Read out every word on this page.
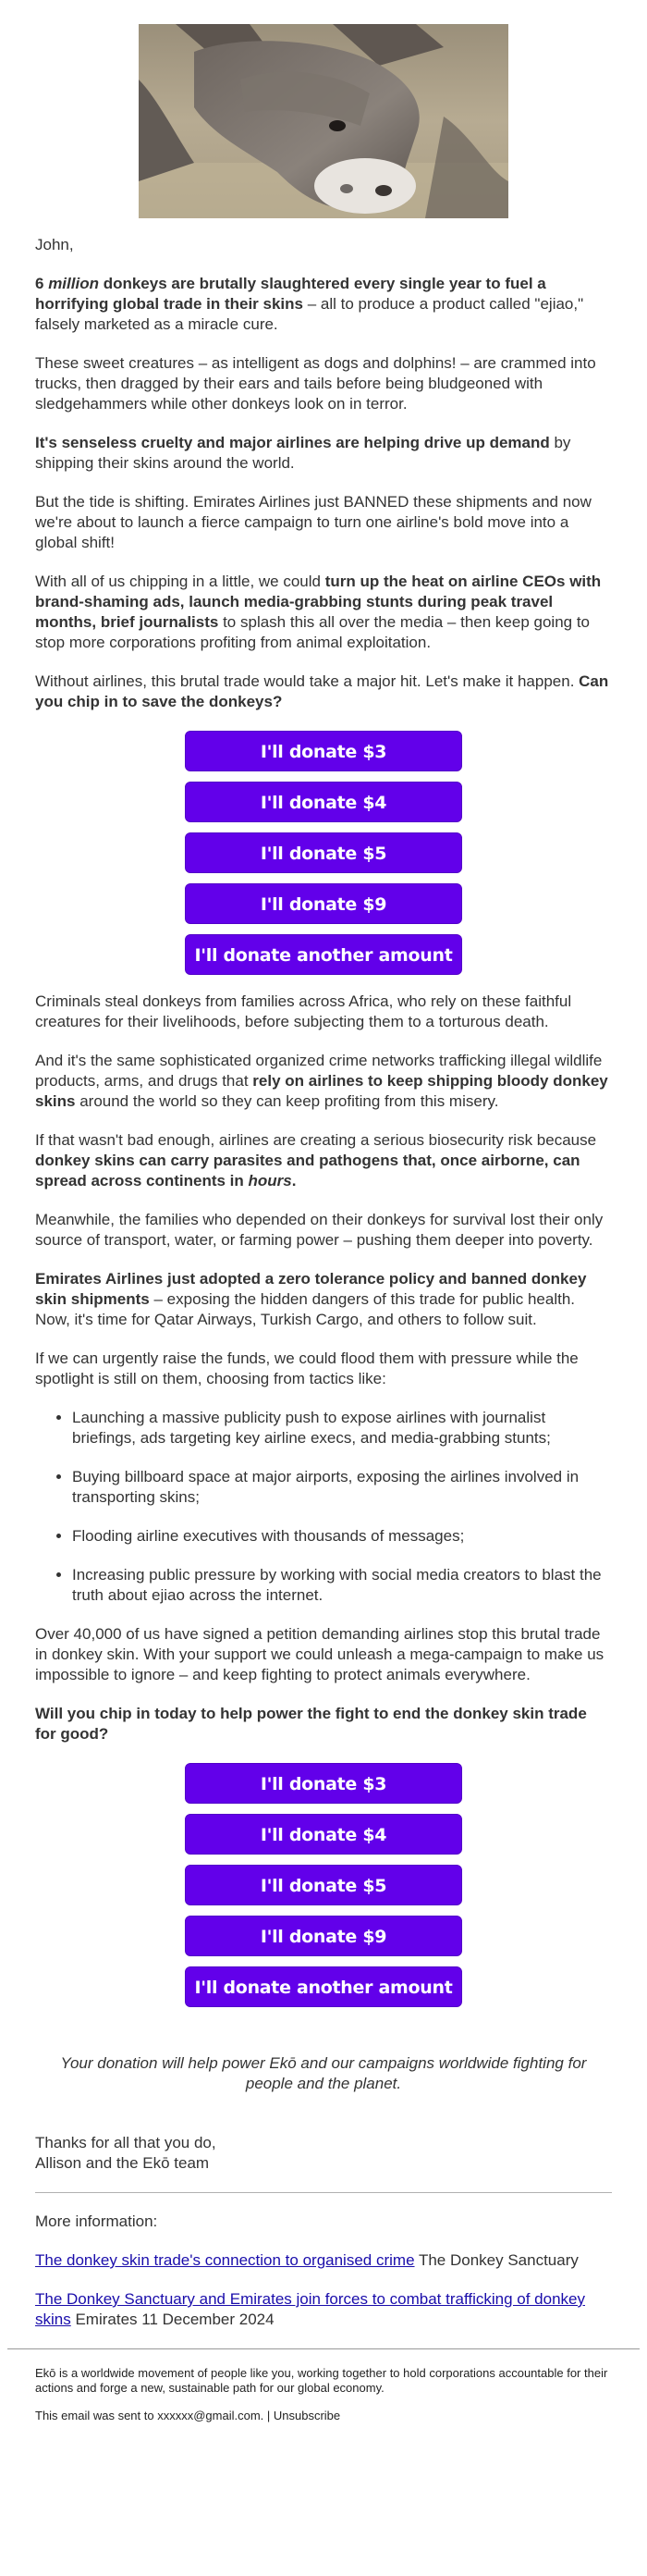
John,

6 million donkeys are brutally slaughtered every single year to fuel a horrifying global trade in their skins – all to produce a product called "ejiao," falsely marketed as a miracle cure.

These sweet creatures – as intelligent as dogs and dolphins! – are crammed into trucks, then dragged by their ears and tails before being bludgeoned with sledgehammers while other donkeys look on in terror.

It's senseless cruelty and major airlines are helping drive up demand by shipping their skins around the world.

But the tide is shifting. Emirates Airlines just BANNED these shipments and now we're about to launch a fierce campaign to turn one airline's bold move into a global shift!

With all of us chipping in a little, we could turn up the heat on airline CEOs with brand-shaming ads, launch media-grabbing stunts during peak travel months, brief journalists to splash this all over the media – then keep going to stop more corporations profiting from animal exploitation.

Without airlines, this brutal trade would take a major hit. Let's make it happen. Can you chip in to save the donkeys?

I'll donate $3
I'll donate $4
I'll donate $5
I'll donate $9
I'll donate another amount

Criminals steal donkeys from families across Africa, who rely on these faithful creatures for their livelihoods, before subjecting them to a torturous death.

And it's the same sophisticated organized crime networks trafficking illegal wildlife products, arms, and drugs that rely on airlines to keep shipping bloody donkey skins around the world so they can keep profiting from this misery.

If that wasn't bad enough, airlines are creating a serious biosecurity risk because donkey skins can carry parasites and pathogens that, once airborne, can spread across continents in hours.

Meanwhile, the families who depended on their donkeys for survival lost their only source of transport, water, or farming power – pushing them deeper into poverty.

Emirates Airlines just adopted a zero tolerance policy and banned donkey skin shipments – exposing the hidden dangers of this trade for public health. Now, it's time for Qatar Airways, Turkish Cargo, and others to follow suit.

If we can urgently raise the funds, we could flood them with pressure while the spotlight is still on them, choosing from tactics like:

• Launching a massive publicity push to expose airlines with journalist briefings, ads targeting key airline execs, and media-grabbing stunts;
• Buying billboard space at major airports, exposing the airlines involved in transporting skins;
• Flooding airline executives with thousands of messages;
• Increasing public pressure by working with social media creators to blast the truth about ejiao across the internet.

Over 40,000 of us have signed a petition demanding airlines stop this brutal trade in donkey skin. With your support we could unleash a mega-campaign to make us impossible to ignore – and keep fighting to protect animals everywhere.

Will you chip in today to help power the fight to end the donkey skin trade for good?

I'll donate $3
I'll donate $4
I'll donate $5
I'll donate $9
I'll donate another amount

Your donation will help power Ekō and our campaigns worldwide fighting for people and the planet.

Thanks for all that you do,
Allison and the Ekō team

More information:

The donkey skin trade's connection to organised crime The Donkey Sanctuary

The Donkey Sanctuary and Emirates join forces to combat trafficking of donkey skins Emirates 11 December 2024

Ekō is a worldwide movement of people like you, working together to hold corporations accountable for their actions and forge a new, sustainable path for our global economy.

This email was sent to xxxxxx@gmail.com. | Unsubscribe
